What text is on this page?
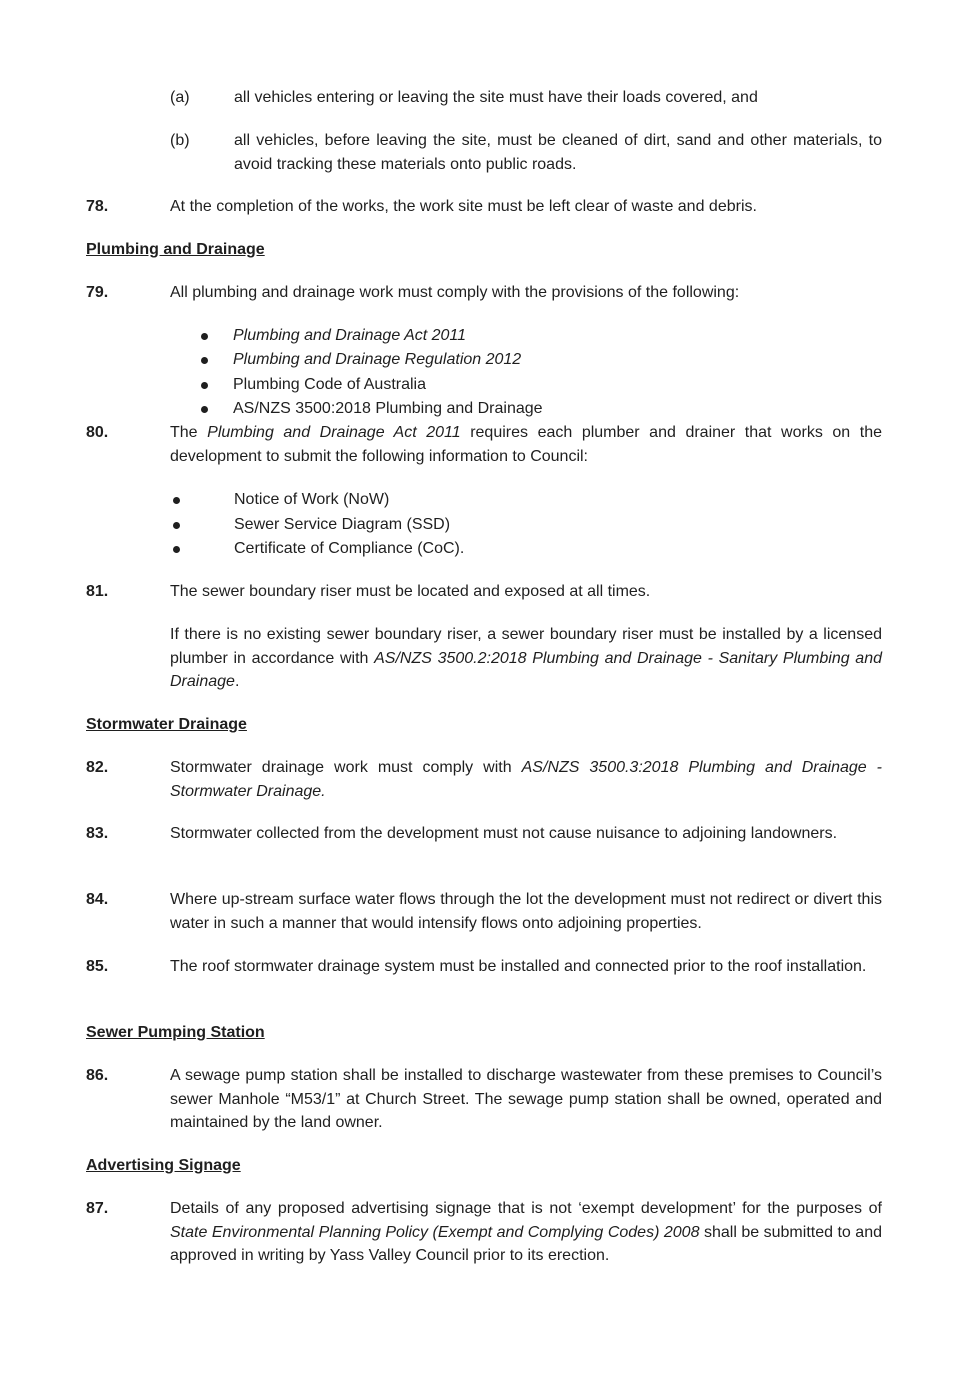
(a)	all vehicles entering or leaving the site must have their loads covered, and
(b)	all vehicles, before leaving the site, must be cleaned of dirt, sand and other materials, to avoid tracking these materials onto public roads.
78.	At the completion of the works, the work site must be left clear of waste and debris.
Plumbing and Drainage
79.	All plumbing and drainage work must comply with the provisions of the following:
Plumbing and Drainage Act 2011
Plumbing and Drainage Regulation 2012
Plumbing Code of Australia
AS/NZS 3500:2018 Plumbing and Drainage
80.	The Plumbing and Drainage Act 2011 requires each plumber and drainer that works on the development to submit the following information to Council:
Notice of Work (NoW)
Sewer Service Diagram (SSD)
Certificate of Compliance (CoC).
81.	The sewer boundary riser must be located and exposed at all times.
If there is no existing sewer boundary riser, a sewer boundary riser must be installed by a licensed plumber in accordance with AS/NZS 3500.2:2018 Plumbing and Drainage - Sanitary Plumbing and Drainage.
Stormwater Drainage
82.	Stormwater drainage work must comply with AS/NZS 3500.3:2018 Plumbing and Drainage - Stormwater Drainage.
83.	Stormwater collected from the development must not cause nuisance to adjoining landowners.
84.	Where up-stream surface water flows through the lot the development must not redirect or divert this water in such a manner that would intensify flows onto adjoining properties.
85.	The roof stormwater drainage system must be installed and connected prior to the roof installation.
Sewer Pumping Station
86.	A sewage pump station shall be installed to discharge wastewater from these premises to Council’s sewer Manhole “M53/1” at Church Street. The sewage pump station shall be owned, operated and maintained by the land owner.
Advertising Signage
87.	Details of any proposed advertising signage that is not ‘exempt development’ for the purposes of State Environmental Planning Policy (Exempt and Complying Codes) 2008 shall be submitted to and approved in writing by Yass Valley Council prior to its erection.
